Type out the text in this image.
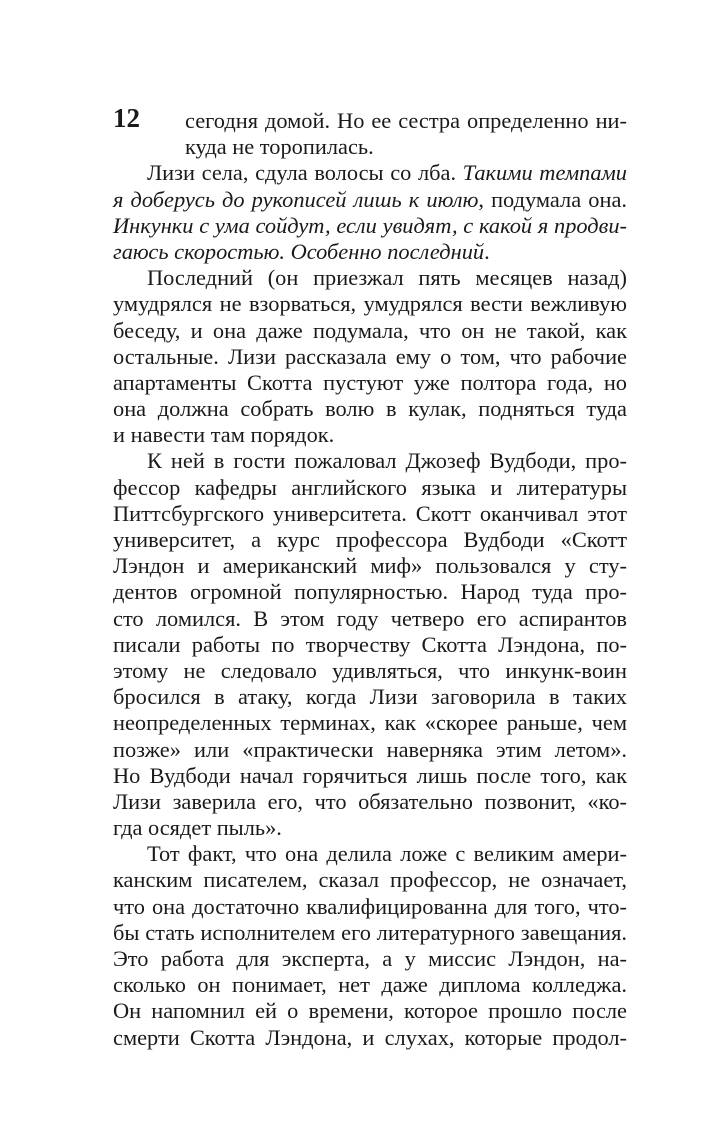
12	сегодня домой. Но ее сестра определенно ни-
куда не торопилась.
Лизи села, сдула волосы со лба. Такими темпами
я доберусь до рукописей лишь к июлю, подумала она.
Инкунки с ума сойдут, если увидят, с какой я продви-
гаюсь скоростью. Особенно последний.
Последний (он приезжал пять месяцев назад)
умудрялся не взорваться, умудрялся вести вежливую
беседу, и она даже подумала, что он не такой, как
остальные. Лизи рассказала ему о том, что рабочие
апартаменты Скотта пустуют уже полтора года, но
она должна собрать волю в кулак, подняться туда
и навести там порядок.
К ней в гости пожаловал Джозеф Вудбоди, про-
фессор кафедры английского языка и литературы
Питтсбургского университета. Скотт оканчивал этот
университет, а курс профессора Вудбоди «Скотт
Лэндон и американский миф» пользовался у сту-
дентов огромной популярностью. Народ туда про-
сто ломился. В этом году четверо его аспирантов
писали работы по творчеству Скотта Лэндона, по-
этому не следовало удивляться, что инкунк-воин
бросился в атаку, когда Лизи заговорила в таких
неопределенных терминах, как «скорее раньше, чем
позже» или «практически наверняка этим летом».
Но Вудбоди начал горячиться лишь после того, как
Лизи заверила его, что обязательно позвонит, «ко-
гда осядет пыль».
Тот факт, что она делила ложе с великим амери-
канским писателем, сказал профессор, не означает,
что она достаточно квалифицированна для того, что-
бы стать исполнителем его литературного завещания.
Это работа для эксперта, а у миссис Лэндон, на-
сколько он понимает, нет даже диплома колледжа.
Он напомнил ей о времени, которое прошло после
смерти Скотта Лэндона, и слухах, которые продол-
